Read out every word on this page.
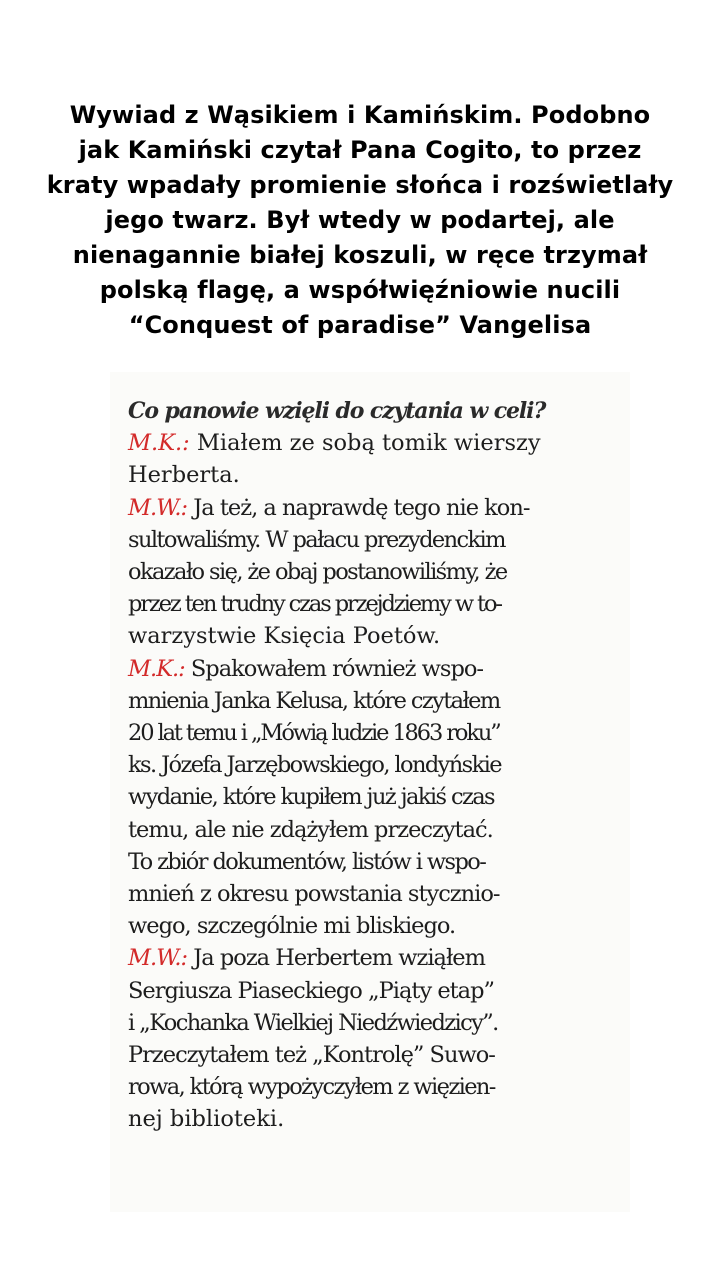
Wywiad z Wąsikiem i Kamińskim. Podobno
jak Kamiński czytał Pana Cogito, to przez
kraty wpadały promienie słońca i rozświetlały
jego twarz. Był wtedy w podartej, ale
nienagannie białej koszuli, w ręce trzymał
polską flagę, a współwięźniowie nucili
“Conquest of paradise” Vangelisa
Co panowie wzięli do czytania w celi?
M.K.: Miałem ze sobą tomik wierszy
Herberta.
M.W.: Ja też, a naprawdę tego nie kon-
sultowaliśmy. W pałacu prezydenckim
okazało się, że obaj postanowiliśmy, że
przez ten trudny czas przejdziemy w to-
warzystwie Księcia Poetów.
M.K.: Spakowałem również wspo-
mnienia Janka Kelusa, które czytałem
20 lat temu i „Mówią ludzie 1863 roku”
ks. Józefa Jarzębowskiego, londyńskie
wydanie, które kupiłem już jakiś czas
temu, ale nie zdążyłem przeczytać.
To zbiór dokumentów, listów i wspo-
mnień z okresu powstania stycznio-
wego, szczególnie mi bliskiego.
M.W.: Ja poza Herbertem wziąłem
Sergiusza Piaseckiego „Piąty etap”
i „Kochanka Wielkiej Niedźwiedzicy”.
Przeczytałem też „Kontrolę” Suwo-
rowa, którą wypożyczyłem z więzien-
nej biblioteki.
